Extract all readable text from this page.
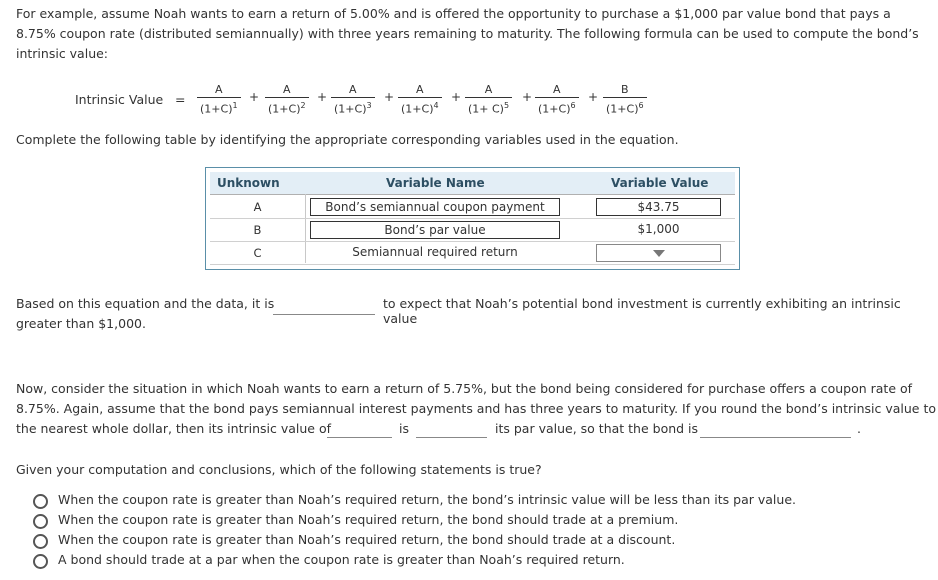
For example, assume Noah wants to earn a return of 5.00% and is offered the opportunity to purchase a $1,000 par value bond that pays a 8.75% coupon rate (distributed semiannually) with three years remaining to maturity. The following formula can be used to compute the bond’s intrinsic value:
Intrinsic Value = $\frac{A}{(1+C)^1} + \frac{A}{(1+C)^2} + \frac{A}{(1+C)^3} + \frac{A}{(1+C)^4} + \frac{A}{(1+ C)^5} + \frac{A}{(1+C)^6} + \frac{B}{(1+C)^6}$
Complete the following table by identifying the appropriate corresponding variables used in the equation.
Unknown	Variable Name	Variable Value
A	Bond’s semiannual coupon payment	$43.75
B	Bond’s par value	$1,000
C	Semiannual required return
Based on this equation and the data, it is	to expect that Noah’s potential bond investment is currently exhibiting an intrinsic value
greater than $1,000.
Now, consider the situation in which Noah wants to earn a return of 5.75%, but the bond being considered for purchase offers a coupon rate of
8.75%. Again, assume that the bond pays semiannual interest payments and has three years to maturity. If you round the bond’s intrinsic value to
the nearest whole dollar, then its intrinsic value of	is	its par value, so that the bond is	.
Given your computation and conclusions, which of the following statements is true?
When the coupon rate is greater than Noah’s required return, the bond’s intrinsic value will be less than its par value.
When the coupon rate is greater than Noah’s required return, the bond should trade at a premium.
When the coupon rate is greater than Noah’s required return, the bond should trade at a discount.
A bond should trade at a par when the coupon rate is greater than Noah’s required return.
